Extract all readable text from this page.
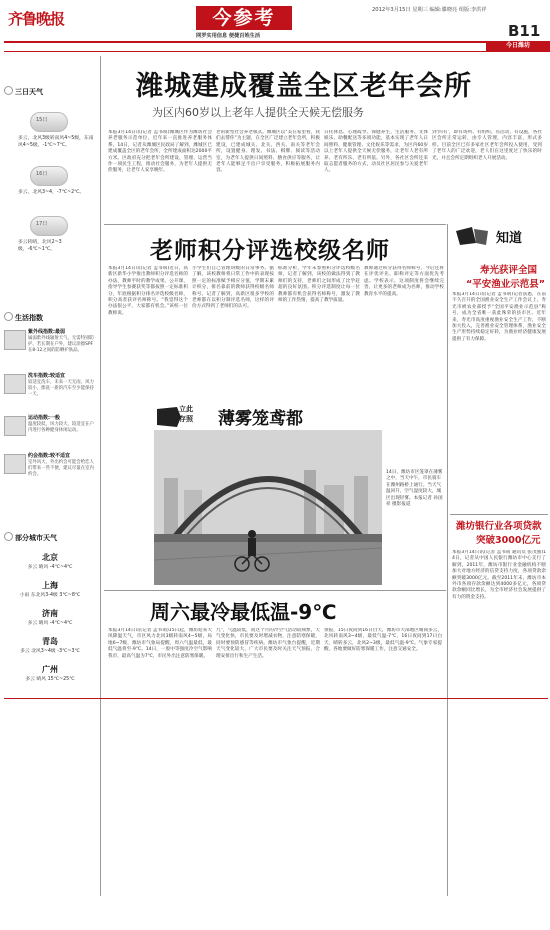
齐鲁晚报	今参考
网罗实用信息 便捷百姓生活
2012年3月15日 星期三 编辑:滕晓亮 组版:李洪祥
B11
今日潍坊
三日天气
15日
多云，北风3级转南风4~5级，东南风4~5级，-1℃~7℃。
16日
多云，北风3~4，-7℃~2℃。
17日
多云转晴，北风2~3级，-6℃~1℃。
生活指数
紫外线指数:最弱
属弱紫外线辐射天气，无需特别防护。若长期在户外，建议涂擦SPF在8-12之间的防晒护肤品。
洗车指数:较适宜
较适宜洗车，未来一天无雨，风力较小，擦洗一新的汽车至少能保持一天。
运动指数:一般
温度较低，风力较大，较适宜在户内进行各种健身休闲运动。
约会指数:较不适宜
室外风大，外出约会可能会给恋人们带来一些不便，建议尽量在室内约会。
部分城市天气
北京
多云 晴风 -4℃~4℃
上海
小雨 东北风3-4级 3℃~8℃
济南
多云 晴风 -4℃~4℃
青岛
多云 北风3~4级 -3℃~3℃
广州
多云 晴风 15℃~25℃
潍城建成覆盖全区老年会所
为区内60岁以上老年人提供全天候无偿服务
本报3月14日讯(记者 孟书萌)潍城区作为潍坊社会养老服务示范单位，近年来一直推进养老服务体系，14日，记者从潍城区民政局了解到，潍城区已建成覆盖全区的老年会所，全所建成面积达2000平方米。区政府充分把老年会所建设、管理、运营当作一项民生工程，推动社会服务，为老年人提供无偿服务，让老年人安享晚年。
老的新型社会养老模式。潍城区以“美在家里看，我们去帮你”为主题，在全区广泛建立老年会所，积极建设，已建成城关、北关、西关、南关等老年会所，设置健身、理发、书法、棋牌、阅读等活动室，为老年人提供日间照料、膳食供应等服务，让老年人能够足不出户享受服务，积极拓展服务内容。
日托休息、心理疏导、保健养生、生活服务、文体娱乐、助餐配送等多项功能，基本实现了老年人日间照料、健康管理、文化娱乐等需求，为区内60岁以上老年人提供全天候无偿服务，让老年人老有所养、老有所乐、老有所依。另外，各社区会所还采取志愿者服务的方式，动员社区居民参与关爱老年人。
到‘四有’，即有场所、有组织、有活动、有设施，各社区会所正常运转，由专人管理，内容丰富，形式多样。目前全区已有多家社区老年会所投入使用，受到了老年人的广泛欢迎，老人们在这里度过了快乐的时光，并且会所定期组织老人开展活动。
老师积分评选校级名师
本报3月14日讯(记者 孟书萌)近日，高新区新华小学推出教师积分评选名师的办法，教师平时的教学成果、公开课、指导学生参赛获奖等都按照一定标准积分，年底根据积分排名评选校级名师，积分高者获评名师称号。“我觉得这个办法很公平，大家都有机会。”该校一位教师说。
小学生们自己管理班级的日常事务。据了解，该校教师将日常工作中的表现按照一定的标准赋予相应分值，学期末累计积分，排名靠前的教师获得校级名师称号。记者了解到，高新区很多学校的老师都在以积分制评选名师，这样的评价方式得到了老师们的认可。
标准分析，学年末参照积分评选校级名师，记者了解到，该校的做法得到了教师们的支持，老师们之间形成了比学赶超的良好氛围。积分评选制度让每一位教师都有机会获得名师称号，激发了教师的工作热情，提高了教学质量。
教师通过积分获得名师称号，今后还将在评优评先、职称评定等方面优先考虑。学校表示，这项制度将会继续完善，让更多的老师成为名师，推动学校教育水平的提高。
立此
存照 薄雾笼鸢都
14日，潍坊市区笼罩在薄雾之中，当天中午，市民骑车在潍州路桥上通行。当天气温回升，空气湿度较大，城区出现轻雾。本报记者 孙国祥 摄影报道
周六最冷最低温-9℃
本报3月14日讯(记者 孟书萌)15日起，潍坊迎来大风降温天气，市区风力北风3级转南风4~5级，局地6~7级，潍坊市气象局提醒，周六气温最低，最低气温将至-9℃。14日，一股中等强度冷空气影响我市，最高气温为7℃，市民外出注意防寒保暖。
九”，气温较低，而这个月的冷空气活动较频繁，天气变化快，市民要及时增减衣物，注意防寒保暖，同时要预防感冒等疾病。潍坊市气象台提醒，近期天气变化较大，广大市民要及时关注天气预报，合理安排出行和生产生活。
预报，15日夜间到16日白天，潍坊市大部地区晴间多云，北风转南风3~4级，最低气温-7℃，16日夜间到17日白天，晴转多云，北风2~3级，最低气温-9℃。气象专家提醒，各地要做好防寒保暖工作，注意交通安全。
知道
寿光获评全国
“平安渔业示范县”
本报3月14日讯(记者 孟书萌)记者获悉，在前不久召开的全国渔业安全生产工作会议上，寿光市被农业部授予“全国平安渔业示范县”称号，成为全省唯一获此殊荣的县市区。近年来，寿光市高度重视渔业安全生产工作，不断加大投入，完善渔业安全管理体系，渔业安全生产形势持续稳定好转，为渔业经济健康发展提供了有力保障。
潍坊银行业各项贷款
突破3000亿元
本报3月14日讯(记者 孟书萌 通讯员 张茂强)14日，记者从中国人民银行潍坊市中心支行了解到，2011年，潍坊市银行业金融机构不断加大对地方经济的信贷支持力度，各项贷款余额突破3000亿元。截至2011年末，潍坊市本外币各项存款余额达到4000多亿元，各项贷款余额同比增长，为全市经济社会发展提供了有力的资金支持。
